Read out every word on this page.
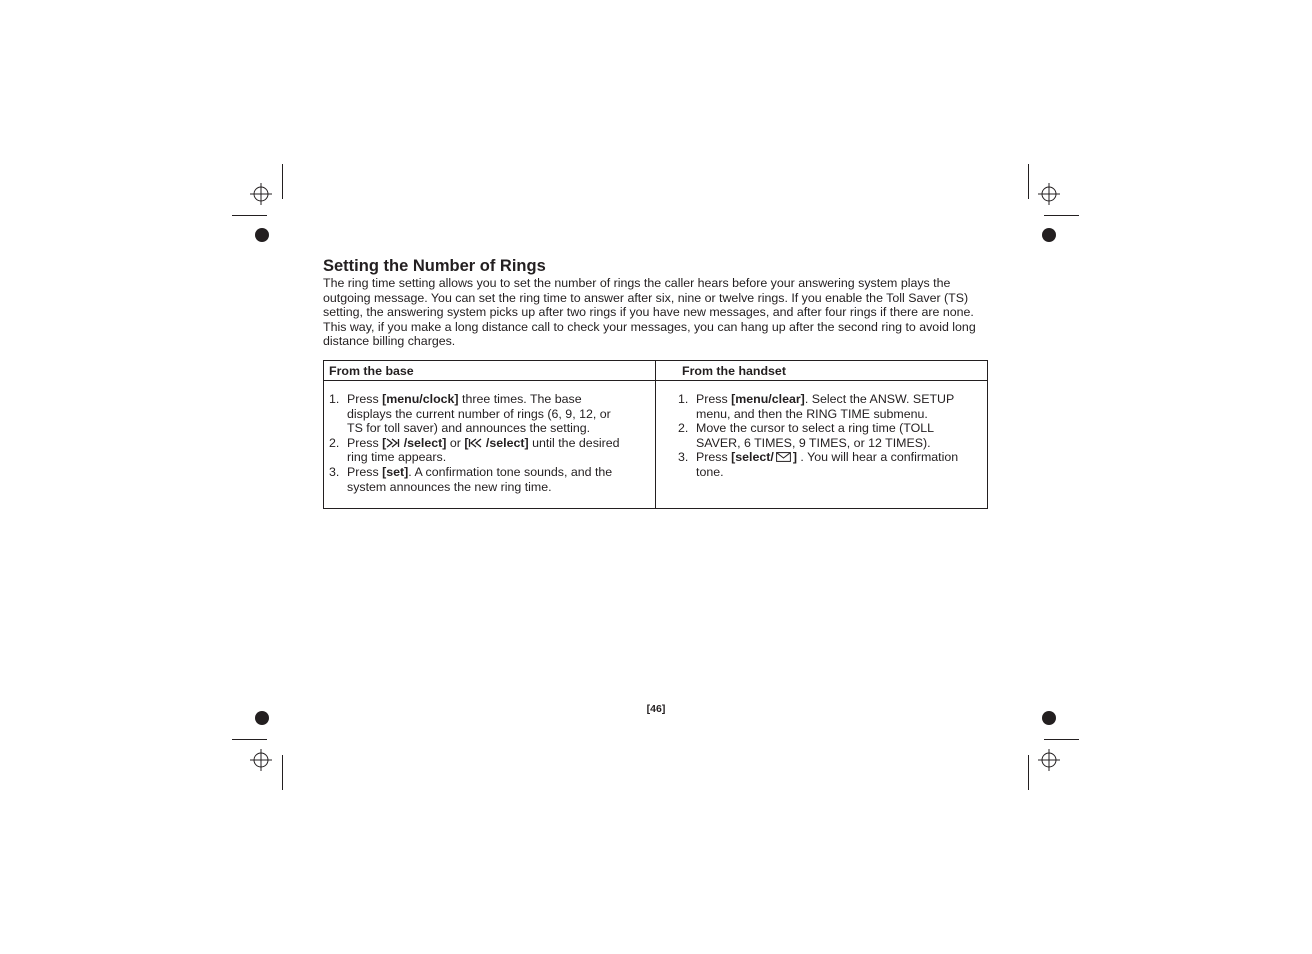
Setting the Number of Rings

The ring time setting allows you to set the number of rings the caller hears before your answering system plays the outgoing message. You can set the ring time to answer after six, nine or twelve rings. If you enable the Toll Saver (TS) setting, the answering system picks up after two rings if you have new messages, and after four rings if there are none. This way, if you make a long distance call to check your messages, you can hang up after the second ring to avoid long distance billing charges.

From the base	From the handset
1. Press [menu/clock] three times. The base displays the current number of rings (6, 9, 12, or TS for toll saver) and announces the setting.
2. Press [ /select] or [ /select] until the desired ring time appears.
3. Press [set]. A confirmation tone sounds, and the system announces the new ring time.
1. Press [menu/clear]. Select the ANSW. SETUP menu, and then the RING TIME submenu.
2. Move the cursor to select a ring time (TOLL SAVER, 6 TIMES, 9 TIMES, or 12 TIMES).
3. Press [select/ ] . You will hear a confirmation tone.
[46]
